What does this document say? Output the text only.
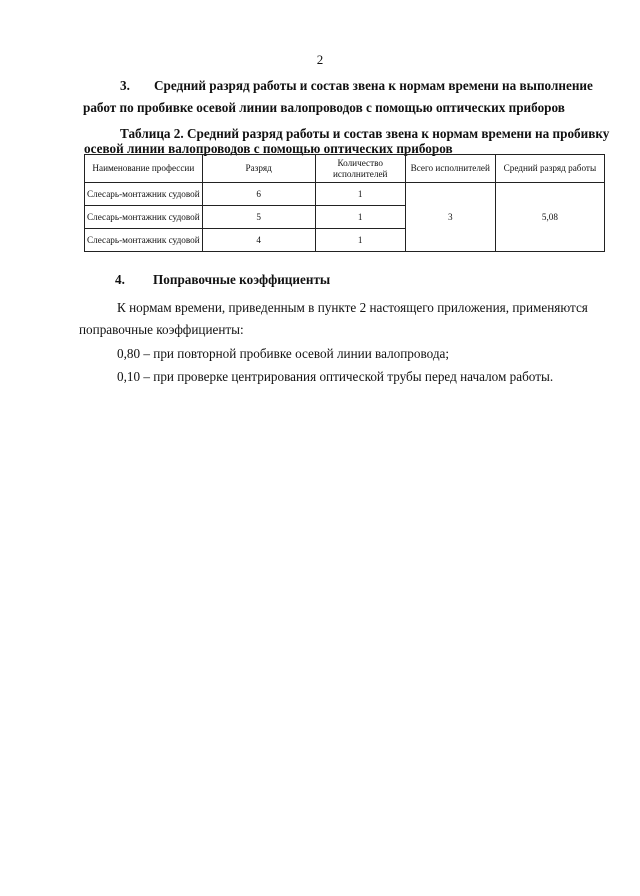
2
3. Средний разряд работы и состав звена к нормам времени на выполнение
работ по пробивке осевой линии валопроводов с помощью оптических приборов
Таблица 2. Средний разряд работы и состав звена к нормам времени на пробивку
осевой линии валопроводов с помощью оптических приборов
Наименование профессии	Разряд	Количество исполнителей	Всего исполнителей	Средний разряд работы
Слесарь-монтажник судовой	6	1	3	5,08
Слесарь-монтажник судовой	5	1		
Слесарь-монтажник судовой	4	1		
4. Поправочные коэффициенты
К нормам времени, приведенным в пункте 2 настоящего приложения, применяются
поправочные коэффициенты:
0,80 – при повторной пробивке осевой линии валопровода;
0,10 – при проверке центрирования оптической трубы перед началом работы.
